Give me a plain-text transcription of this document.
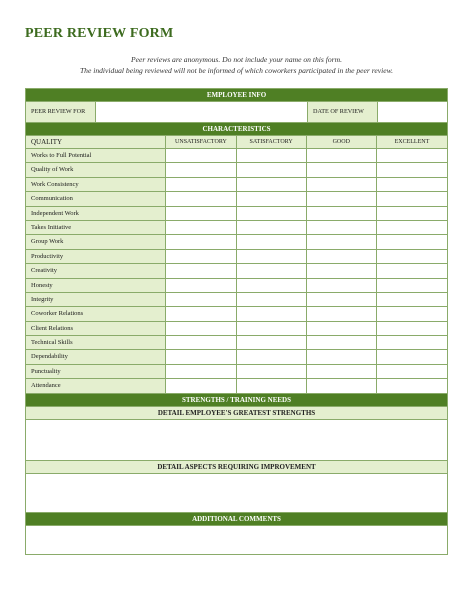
PEER REVIEW FORM
Peer reviews are anonymous. Do not include your name on this form.
The individual being reviewed will not be informed of which coworkers participated in the peer review.
EMPLOYEE INFO
PEER REVIEW FOR	DATE OF REVIEW
CHARACTERISTICS
QUALITY	UNSATISFACTORY	SATISFACTORY	GOOD	EXCELLENT
Works to Full Potential
Quality of Work
Work Consistency
Communication
Independent Work
Takes Initiative
Group Work
Productivity
Creativity
Honesty
Integrity
Coworker Relations
Client Relations
Technical Skills
Dependability
Punctuality
Attendance
STRENGTHS / TRAINING NEEDS
DETAIL EMPLOYEE'S GREATEST STRENGTHS
DETAIL ASPECTS REQUIRING IMPROVEMENT
ADDITIONAL COMMENTS
